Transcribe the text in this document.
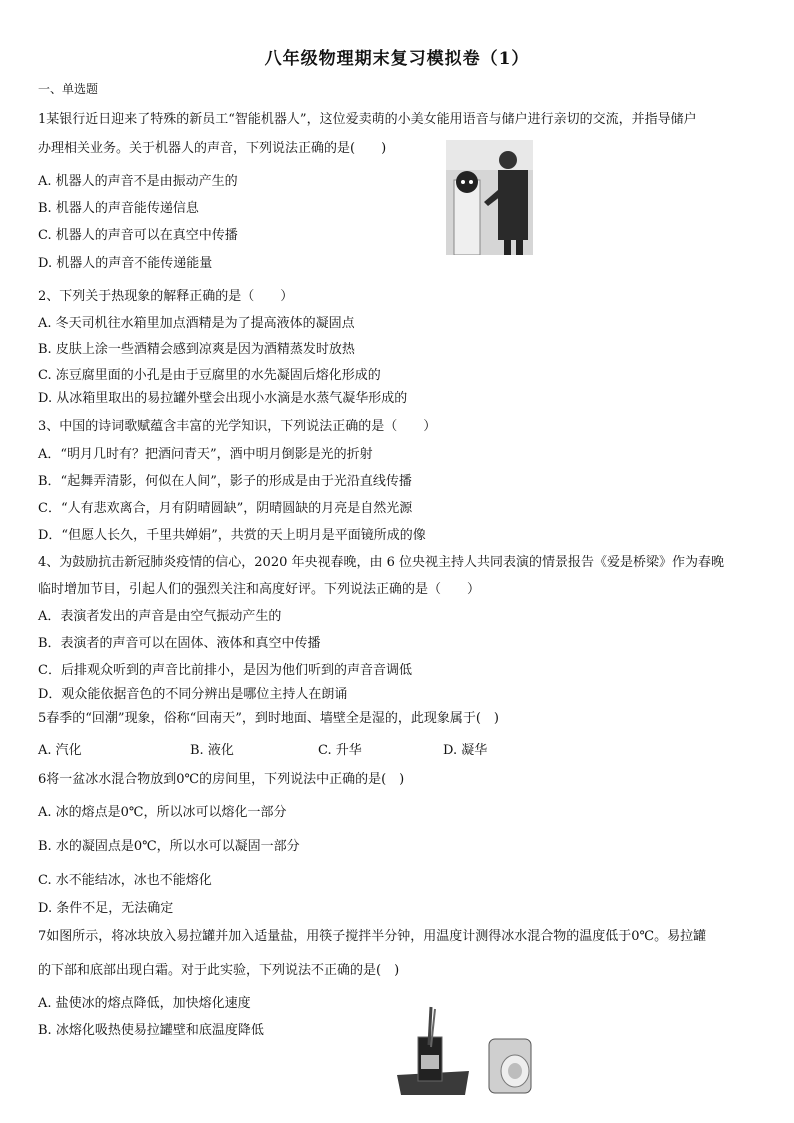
八年级物理期末复习模拟卷（1）
一、单选题
1某银行近日迎来了特殊的新员工“智能机器人”，这位爱卖萌的小美女能用语音与储户进行亲切的交流，并指导储户
办理相关业务。关于机器人的声音，下列说法正确的是(　　)
A. 机器人的声音不是由振动产生的
B. 机器人的声音能传递信息
C. 机器人的声音可以在真空中传播
D. 机器人的声音不能传递能量
2、下列关于热现象的解释正确的是（　　）
A. 冬天司机往水箱里加点酒精是为了提高液体的凝固点
B. 皮肤上涂一些酒精会感到凉爽是因为酒精蒸发时放热
C. 冻豆腐里面的小孔是由于豆腐里的水先凝固后熔化形成的
D. 从冰箱里取出的易拉罐外壁会出现小水滴是水蒸气凝华形成的
3、中国的诗词歌赋蕴含丰富的光学知识，下列说法正确的是（　　）
A．“明月几时有？把酒问青天”，酒中明月倒影是光的折射
B．“起舞弄清影，何似在人间”，影子的形成是由于光沿直线传播
C．“人有悲欢离合，月有阴晴圆缺”，阴晴圆缺的月亮是自然光源
D．“但愿人长久，千里共婵娟”，共赏的天上明月是平面镜所成的像
4、为鼓励抗击新冠肺炎疫情的信心，2020 年央视春晚，由 6 位央视主持人共同表演的情景报告《爱是桥梁》作为春晚
临时增加节目，引起人们的强烈关注和高度好评。下列说法正确的是（　　）
A．表演者发出的声音是由空气振动产生的
B．表演者的声音可以在固体、液体和真空中传播
C．后排观众听到的声音比前排小，是因为他们听到的声音音调低
D．观众能依据音色的不同分辨出是哪位主持人在朗诵
5春季的“回潮”现象，俗称“回南天”，到时地面、墙壁全是湿的，此现象属于(　)
A. 汽化	B. 液化	C. 升华	D. 凝华
6将一盆冰水混合物放到0℃的房间里，下列说法中正确的是(　)
A. 冰的熔点是0℃，所以冰可以熔化一部分
B. 水的凝固点是0℃，所以水可以凝固一部分
C. 水不能结冰，冰也不能熔化
D. 条件不足，无法确定
7如图所示，将冰块放入易拉罐并加入适量盐，用筷子搅拌半分钟，用温度计测得冰水混合物的温度低于0℃。易拉罐
的下部和底部出现白霜。对于此实验，下列说法不正确的是(　)
A. 盐使冰的熔点降低，加快熔化速度
B. 冰熔化吸热使易拉罐壁和底温度降低
